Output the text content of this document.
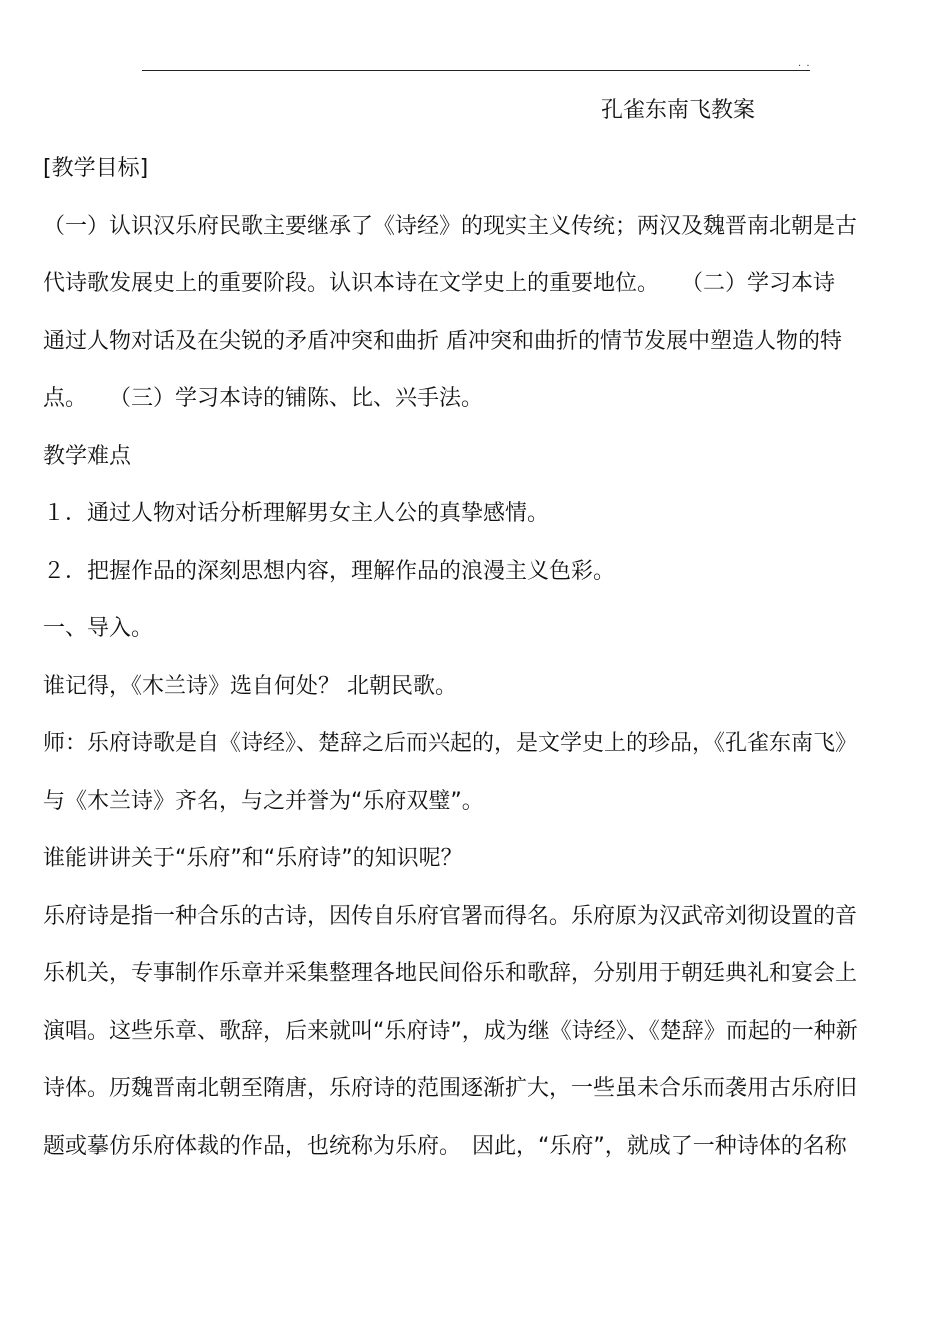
. .
孔雀东南飞教案
[教学目标]
（一）认识汉乐府民歌主要继承了《诗经》的现实主义传统；两汉及魏晋南北朝是古
代诗歌发展史上的重要阶段。认识本诗在文学史上的重要地位。　　（二）学习本诗
通过人物对话及在尖锐的矛盾冲突和曲折 盾冲突和曲折的情节发展中塑造人物的特
点。　　（三）学习本诗的铺陈、比、兴手法。
教学难点
１．通过人物对话分析理解男女主人公的真挚感情。
２．把握作品的深刻思想内容，理解作品的浪漫主义色彩。
一、导入。
谁记得，《木兰诗》选自何处？ 北朝民歌。
师：乐府诗歌是自《诗经》、楚辞之后而兴起的，是文学史上的珍品，《孔雀东南飞》
与《木兰诗》齐名，与之并誉为“乐府双璧”。
谁能讲讲关于“乐府”和“乐府诗”的知识呢？
乐府诗是指一种合乐的古诗，因传自乐府官署而得名。乐府原为汉武帝刘彻设置的音
乐机关，专事制作乐章并采集整理各地民间俗乐和歌辞，分别用于朝廷典礼和宴会上
演唱。这些乐章、歌辞，后来就叫“乐府诗”，成为继《诗经》、《楚辞》而起的一种新
诗体。历魏晋南北朝至隋唐，乐府诗的范围逐渐扩大，一些虽未合乐而袭用古乐府旧
题或摹仿乐府体裁的作品，也统称为乐府。　因此，“乐府”，就成了一种诗体的名称
